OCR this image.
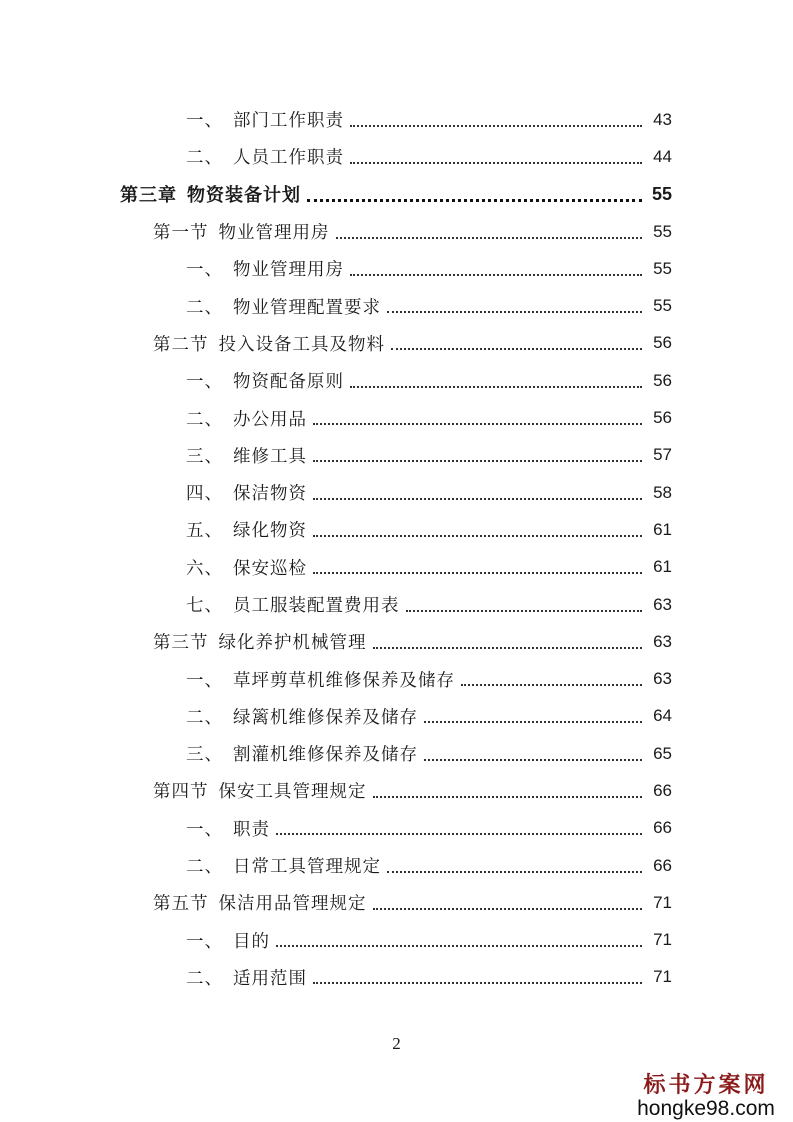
一、 部门工作职责	43
二、 人员工作职责	44
第三章 物资装备计划	55
第一节 物业管理用房	55
一、 物业管理用房	55
二、 物业管理配置要求	55
第二节 投入设备工具及物料	56
一、 物资配备原则	56
二、 办公用品	56
三、 维修工具	57
四、 保洁物资	58
五、 绿化物资	61
六、 保安巡检	61
七、 员工服装配置费用表	63
第三节 绿化养护机械管理	63
一、 草坪剪草机维修保养及储存	63
二、 绿篱机维修保养及储存	64
三、 割灌机维修保养及储存	65
第四节 保安工具管理规定	66
一、 职责	66
二、 日常工具管理规定	66
第五节 保洁用品管理规定	71
一、 目的	71
二、 适用范围	71
2
标书方案网
hongke98.com
